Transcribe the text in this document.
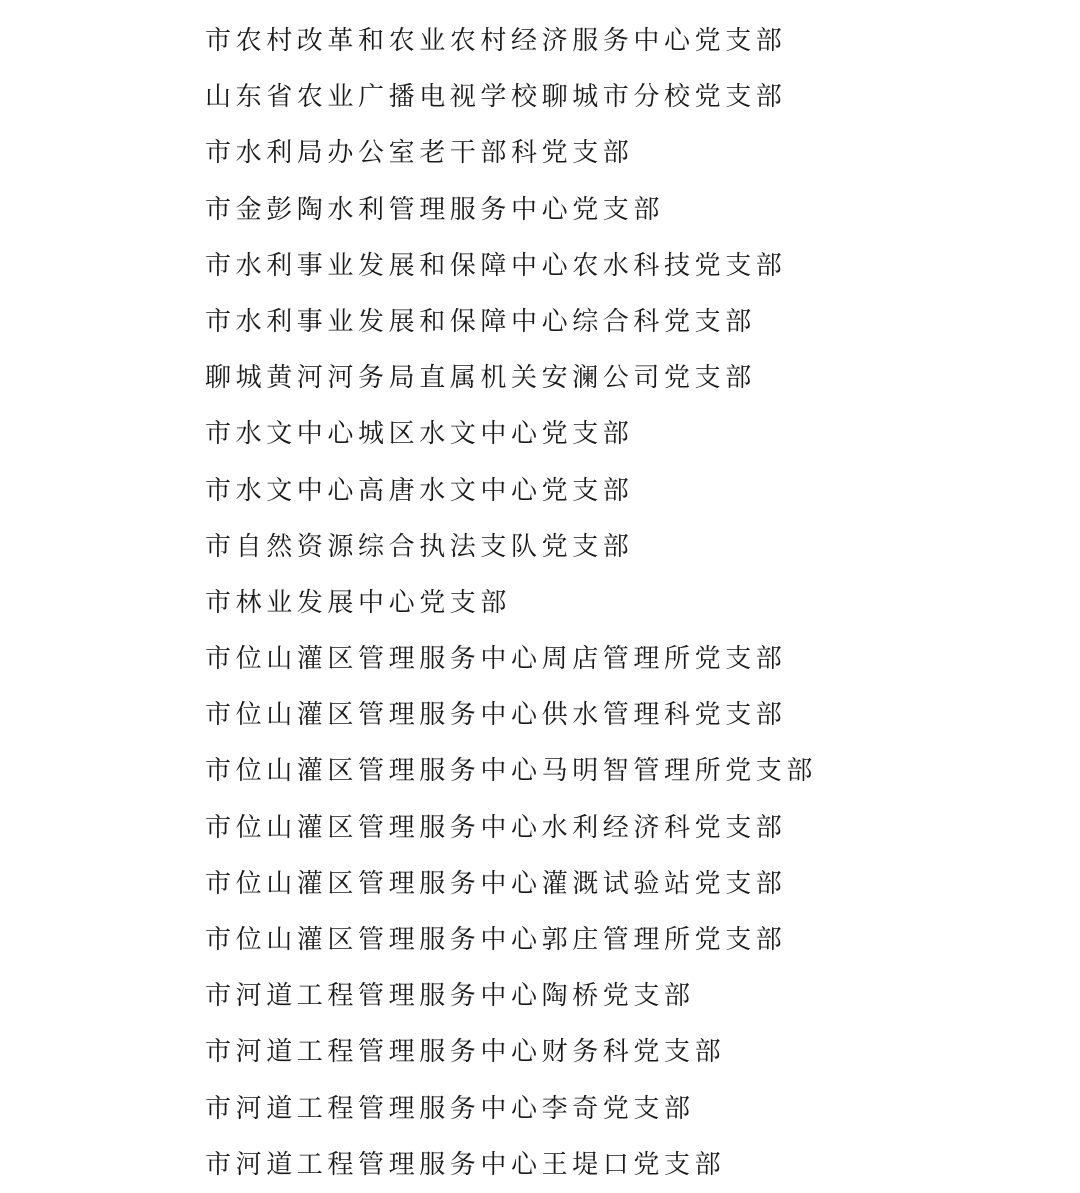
市农村改革和农业农村经济服务中心党支部
山东省农业广播电视学校聊城市分校党支部
市水利局办公室老干部科党支部
市金彭陶水利管理服务中心党支部
市水利事业发展和保障中心农水科技党支部
市水利事业发展和保障中心综合科党支部
聊城黄河河务局直属机关安澜公司党支部
市水文中心城区水文中心党支部
市水文中心高唐水文中心党支部
市自然资源综合执法支队党支部
市林业发展中心党支部
市位山灌区管理服务中心周店管理所党支部
市位山灌区管理服务中心供水管理科党支部
市位山灌区管理服务中心马明智管理所党支部
市位山灌区管理服务中心水利经济科党支部
市位山灌区管理服务中心灌溉试验站党支部
市位山灌区管理服务中心郭庄管理所党支部
市河道工程管理服务中心陶桥党支部
市河道工程管理服务中心财务科党支部
市河道工程管理服务中心李奇党支部
市河道工程管理服务中心王堤口党支部
